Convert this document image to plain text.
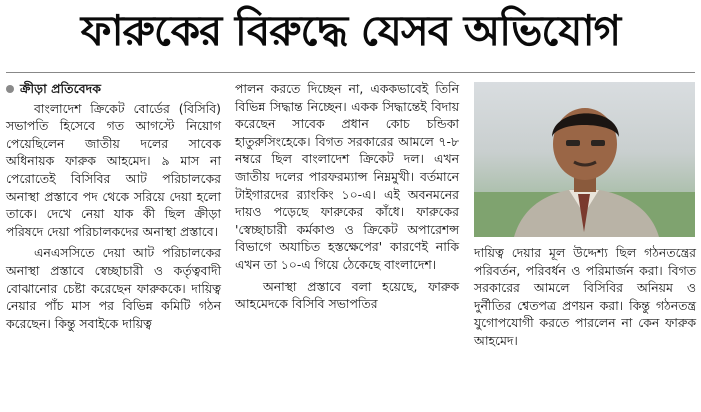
ফারুকের বিরুদ্ধে যেসব অভিযোগ
ক্রীড়া প্রতিবেদক

বাংলাদেশ ক্রিকেট বোর্ডের (বিসিবি) সভাপতি হিসেবে গত আগস্টে নিয়োগ পেয়েছিলেন জাতীয় দলের সাবেক অধিনায়ক ফারুক আহমেদ। ৯ মাস না পেরোতেই বিসিবির আট পরিচালকের অনাস্থা প্রস্তাবে পদ থেকে সরিয়ে দেয়া হলো তাকে। দেখে নেয়া যাক কী ছিল ক্রীড়া পরিষদে দেয়া পরিচালকদের অনাস্থা প্রস্তাবে।

এনএসসিতে দেয়া আট পরিচালকের অনাস্থা প্রস্তাবে স্বেচ্ছাচারী ও কর্তৃত্ববাদী বোঝানোর চেষ্টা করেছেন ফারুককে। দায়িত্ব নেয়ার পাঁচ মাস পর বিভিন্ন কমিটি গঠন করেছেন। কিন্তু সবাইকে দায়িত্ব

পালন করতে দিচ্ছেন না, এককভাবেই তিনি বিভিন্ন সিদ্ধান্ত নিচ্ছেন। একক সিদ্ধান্তেই বিদায় করেছেন সাবেক প্রধান কোচ চন্ডিকা হাতুরুসিংহেকে। বিগত সরকারের আমলে ৭-৮ নম্বরে ছিল বাংলাদেশ ক্রিকেট দল। এখন জাতীয় দলের পারফরম্যান্স নিম্নমুখী। বর্তমানে টাইগারদের র‍্যাংকিং ১০-এ। এই অবনমনের দায়ও পড়েছে ফারুকের কাঁধে। ফারুকের 'স্বেচ্ছাচারী কর্মকাণ্ড ও ক্রিকেট অপারেশন্স বিভাগে অযাচিত হস্তক্ষেপের' কারণেই নাকি এখন তা ১০-এ গিয়ে ঠেকেছে বাংলাদেশ।

অনাস্থা প্রস্তাবে বলা হয়েছে, ফারুক আহমেদকে বিসিবি সভাপতির

দায়িত্ব দেয়ার মূল উদ্দেশ্য ছিল গঠনতন্ত্রের পরিবর্তন, পরিবর্ধন ও পরিমার্জন করা। বিগত সরকারের আমলে বিসিবির অনিয়ম ও দুর্নীতির শ্বেতপত্র প্রণয়ন করা। কিন্তু গঠনতন্ত্র যুগোপযোগী করতে পারলেন না কেন ফারুক আহমেদ।
